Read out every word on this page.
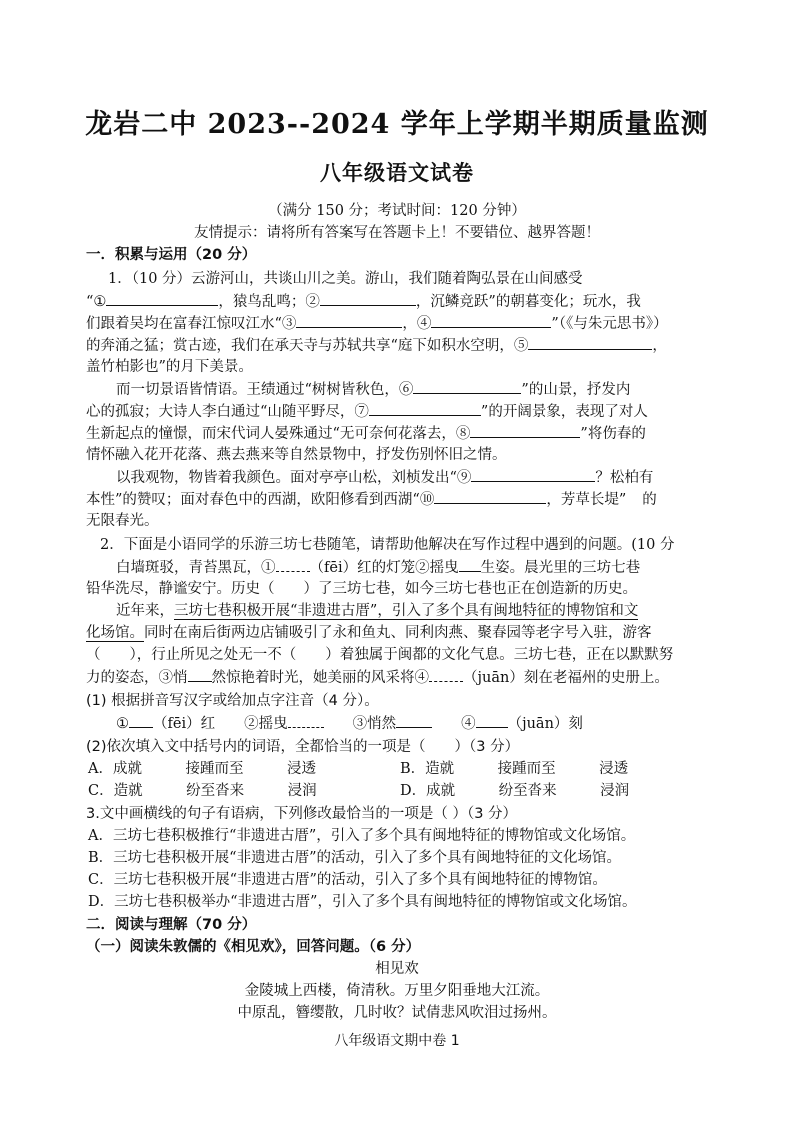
龙岩二中 2023--2024 学年上学期半期质量监测
八年级语文试卷
（满分 150 分；考试时间：120 分钟）
友情提示：请将所有答案写在答题卡上！不要错位、越界答题！
一．积累与运用（20 分）
1．（10 分）云游河山，共谈山川之美。游山，我们随着陶弘景在山间感受
“①	，猿鸟乱鸣；②	，沉鳞竞跃”的朝暮变化；玩水，我
们跟着吴均在富春江惊叹江水“③	，④	”（《与朱元思书》）
的奔涌之猛；赏古迹，我们在承天寺与苏轼共享“庭下如积水空明，⑤	，
盖竹柏影也”的月下美景。
而一切景语皆情语。王绩通过“树树皆秋色，⑥	”的山景，抒发内
心的孤寂；大诗人李白通过“山随平野尽，⑦	”的开阔景象，表现了对人
生新起点的憧憬，而宋代词人晏殊通过“无可奈何花落去，⑧	”将伤春的
情怀融入花开花落、燕去燕来等自然景物中，抒发伤别怀旧之情。
以我观物，物皆着我颜色。面对亭亭山松，刘桢发出“⑨	？松柏有
本性”的赞叹；面对春色中的西湖，欧阳修看到西湖“⑩	，芳草长堤” 的
无限春光。
2．下面是小语同学的乐游三坊七巷随笔，请帮助他解决在写作过程中遇到的问题。(10 分
白墙斑驳，青苔黑瓦，① （fēi）红的灯笼②摇曳 生姿。晨光里的三坊七巷
铅华洗尽，静谧安宁。历史（　　）了三坊七巷，如今三坊七巷也正在创造新的历史。
近年来，三坊七巷积极开展“非遗进古厝”，引入了多个具有闽地特征的博物馆和文
化场馆。同时在南后街两边店铺吸引了永和鱼丸、同利肉燕、聚春园等老字号入驻，游客
（　　），行止所见之处无一不（　　）着独属于闽都的文化气息。三坊七巷，正在以默默努
力的姿态，③悄 然惊艳着时光，她美丽的风采将④ （juān）刻在老福州的史册上。
(1) 根据拼音写汉字或给加点字注音（4 分）。
① （fēi）红　　②摇曳　　③悄然　　④ （juān）刻
(2)依次填入文中括号内的词语，全都恰当的一项是（　　）（3 分）
A．成就　　　接踵而至　　　浸透	B．造就　　　接踵而至　　　浸透
C．造就　　　纷至沓来　　　浸润	D．成就　　　纷至沓来　　　浸润
3.文中画横线的句子有语病，下列修改最恰当的一项是（ ）（3 分）
A．三坊七巷积极推行“非遗进古厝”，引入了多个具有闽地特征的博物馆或文化场馆。
B．三坊七巷积极开展“非遗进古厝”的活动，引入了多个具有闽地特征的文化场馆。
C．三坊七巷积极开展“非遗进古厝”的活动，引入了多个具有闽地特征的博物馆。
D．三坊七巷积极举办“非遗进古厝”，引入了多个具有闽地特征的博物馆或文化场馆。
二．阅读与理解（70 分）
（一）阅读朱敦儒的《相见欢》，回答问题。（6 分）
相见欢
金陵城上西楼，倚清秋。万里夕阳垂地大江流。
中原乱，簪缨散，几时收？试倩悲风吹泪过扬州。
八年级语文期中卷 1
